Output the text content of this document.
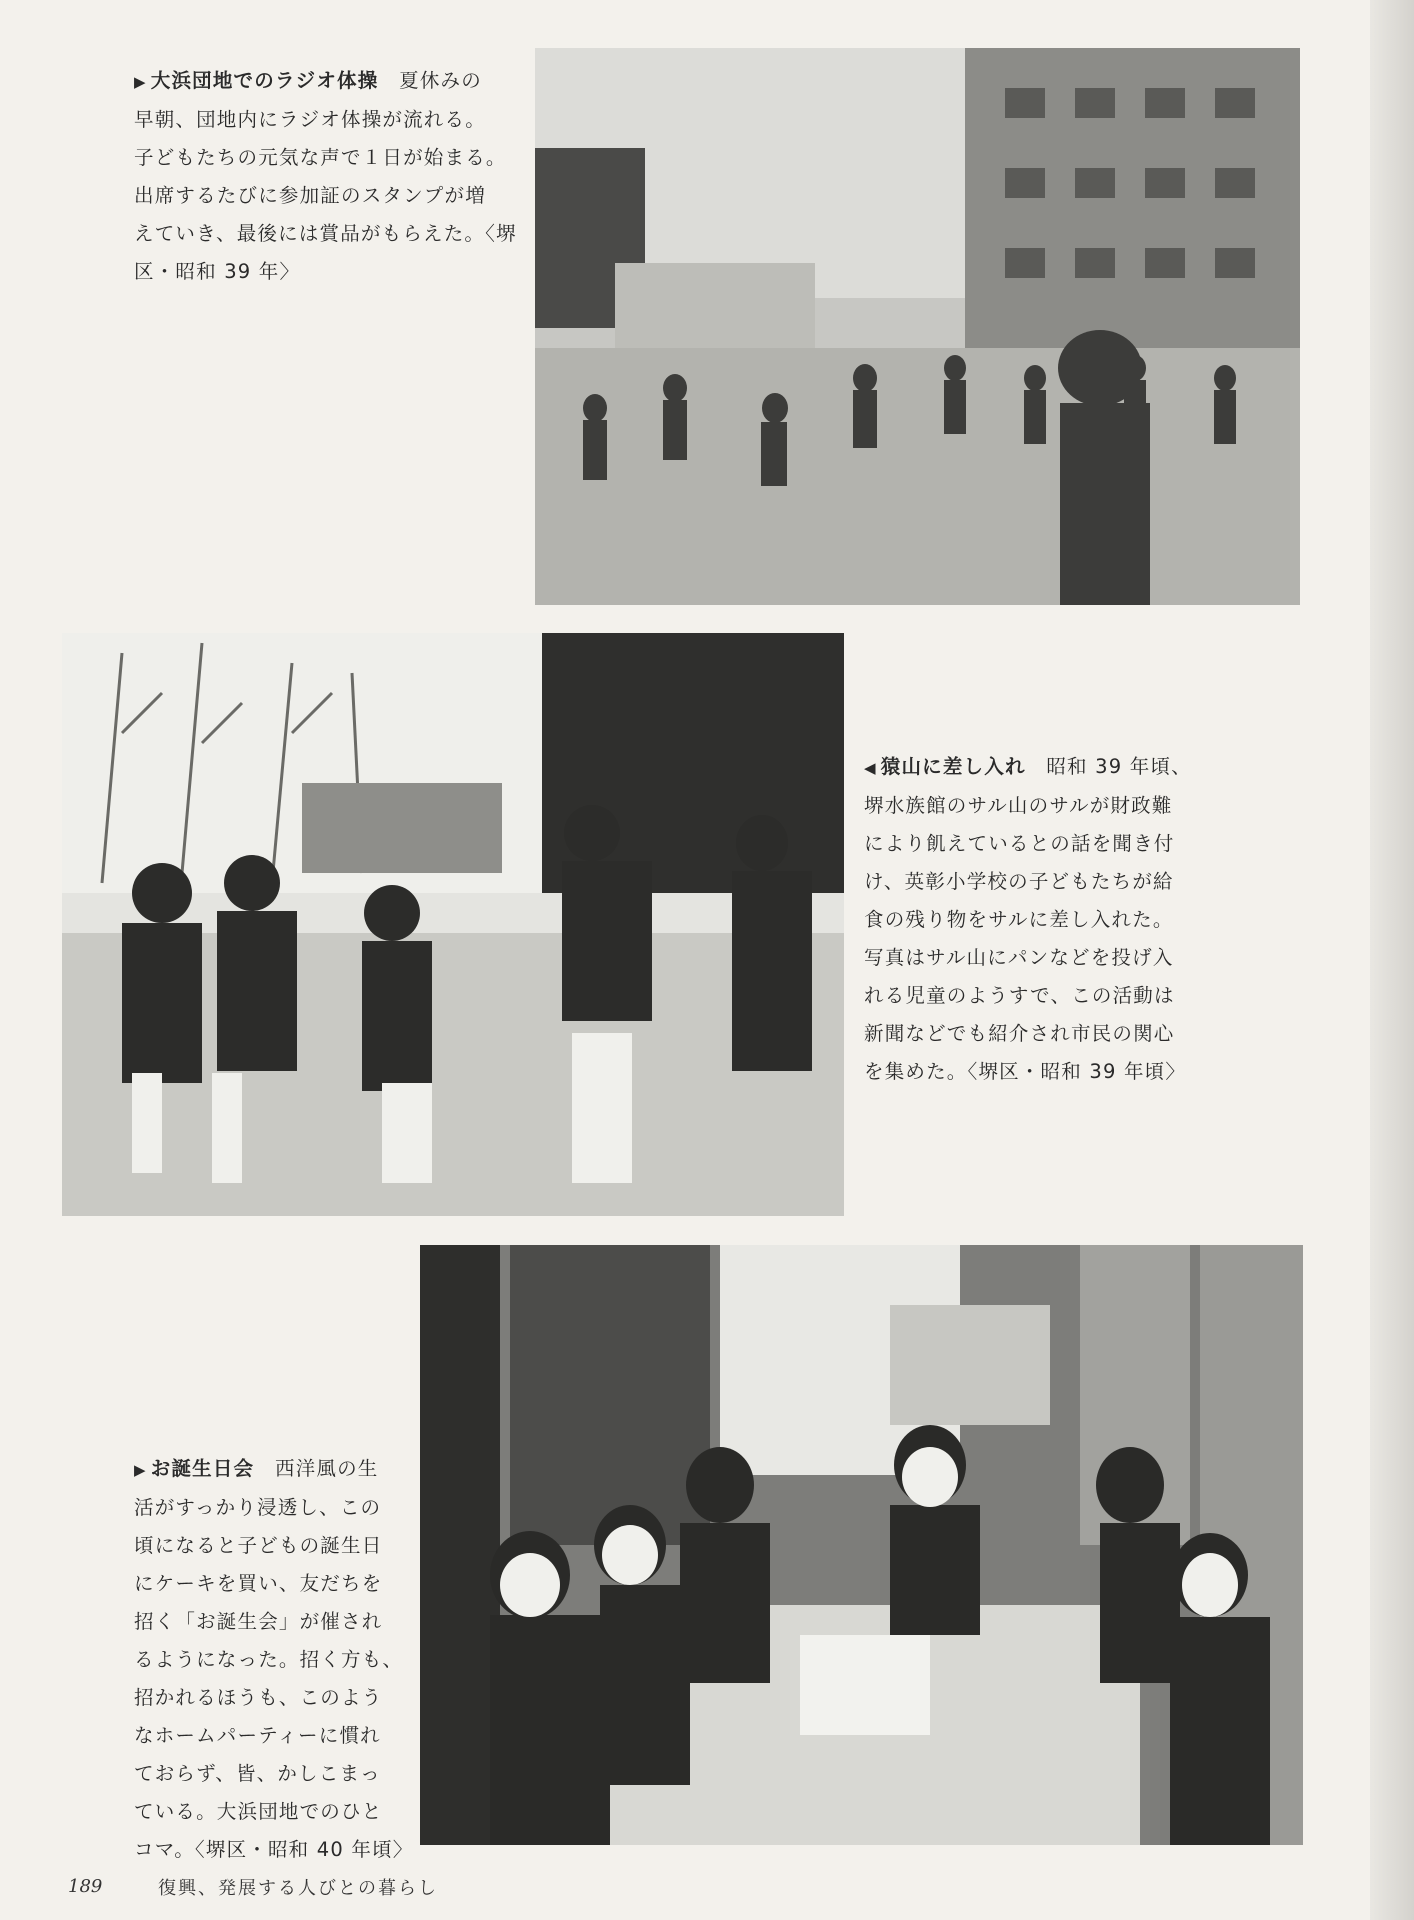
▶ 大浜団地でのラジオ体操　 夏休みの
早朝、団地内にラジオ体操が流れる。
子どもたちの元気な声で１日が始まる。
出席するたびに参加証のスタンプが増
えていき、最後には賞品がもらえた。〈堺
区・昭和 39 年〉
◀ 猿山に差し入れ　 昭和 39 年頃、
堺水族館のサル山のサルが財政難
により飢えているとの話を聞き付
け、英彰小学校の子どもたちが給
食の残り物をサルに差し入れた。
写真はサル山にパンなどを投げ入
れる児童のようすで、この活動は
新聞などでも紹介され市民の関心
を集めた。〈堺区・昭和 39 年頃〉
▶ お誕生日会　 西洋風の生
活がすっかり浸透し、この
頃になると子どもの誕生日
にケーキを買い、友だちを
招く「お誕生会」が催され
るようになった。招く方も、
招かれるほうも、このよう
なホームパーティーに慣れ
ておらず、皆、かしこまっ
ている。大浜団地でのひと
コマ。〈堺区・昭和 40 年頃〉
189	復興、発展する人びとの暮らし
